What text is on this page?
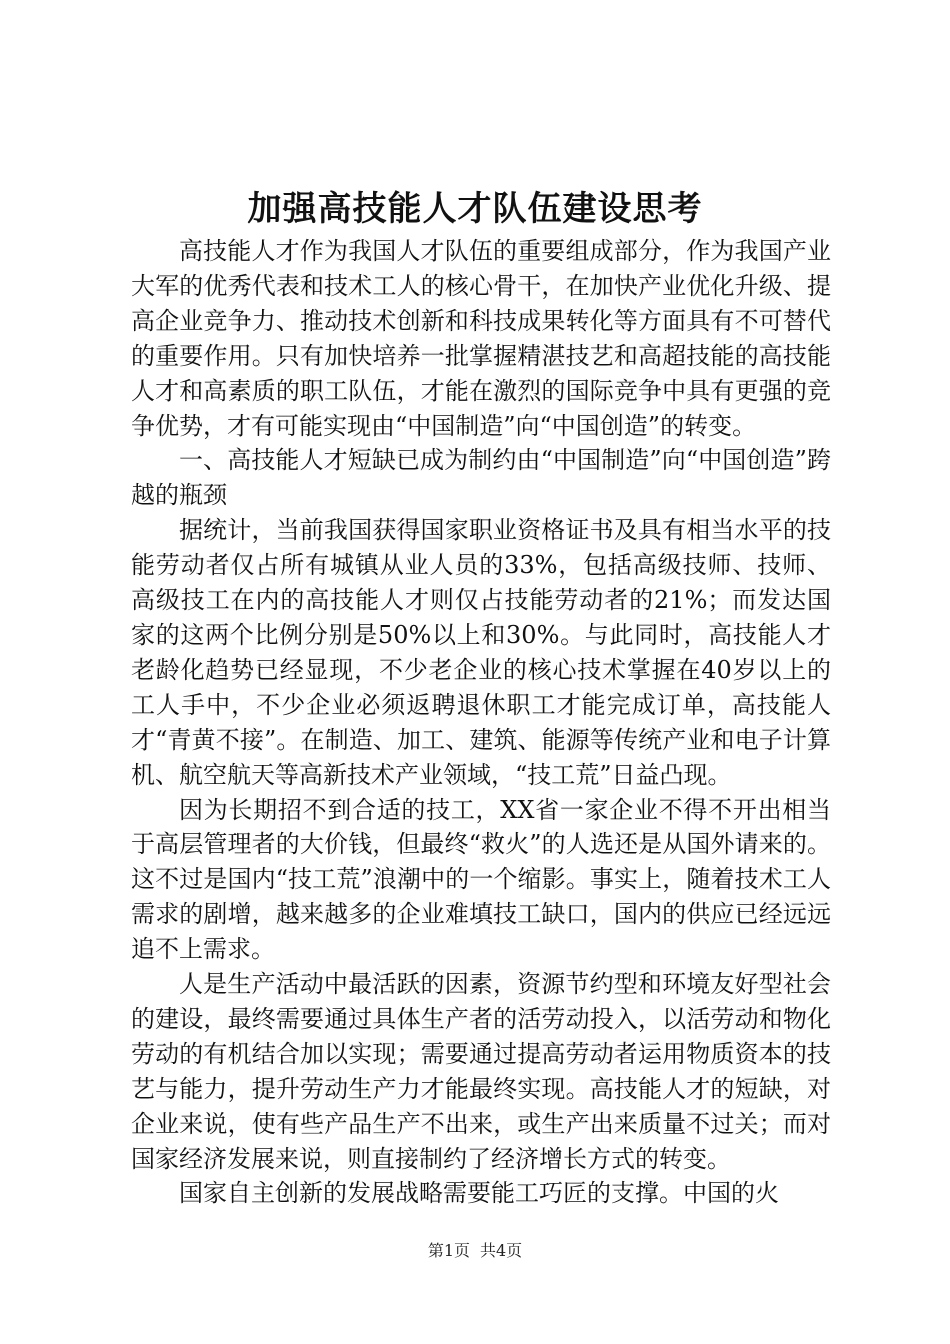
加强高技能人才队伍建设思考

高技能人才作为我国人才队伍的重要组成部分，作为我国产业大军的优秀代表和技术工人的核心骨干，在加快产业优化升级、提高企业竞争力、推动技术创新和科技成果转化等方面具有不可替代的重要作用。只有加快培养一批掌握精湛技艺和高超技能的高技能人才和高素质的职工队伍，才能在激烈的国际竞争中具有更强的竞争优势，才有可能实现由“中国制造”向“中国创造”的转变。

一、高技能人才短缺已成为制约由“中国制造”向“中国创造”跨越的瓶颈

据统计，当前我国获得国家职业资格证书及具有相当水平的技能劳动者仅占所有城镇从业人员的33%，包括高级技师、技师、高级技工在内的高技能人才则仅占技能劳动者的21%；而发达国家的这两个比例分别是50%以上和30%。与此同时，高技能人才老龄化趋势已经显现，不少老企业的核心技术掌握在40岁以上的工人手中，不少企业必须返聘退休职工才能完成订单，高技能人才“青黄不接”。在制造、加工、建筑、能源等传统产业和电子计算机、航空航天等高新技术产业领域，“技工荒”日益凸现。

因为长期招不到合适的技工，XX省一家企业不得不开出相当于高层管理者的大价钱，但最终“救火”的人选还是从国外请来的。这不过是国内“技工荒”浪潮中的一个缩影。事实上，随着技术工人需求的剧增，越来越多的企业难填技工缺口，国内的供应已经远远追不上需求。

人是生产活动中最活跃的因素，资源节约型和环境友好型社会的建设，最终需要通过具体生产者的活劳动投入，以活劳动和物化劳动的有机结合加以实现；需要通过提高劳动者运用物质资本的技艺与能力，提升劳动生产力才能最终实现。高技能人才的短缺，对企业来说，使有些产品生产不出来，或生产出来质量不过关；而对国家经济发展来说，则直接制约了经济增长方式的转变。

国家自主创新的发展战略需要能工巧匠的支撑。中国的火

第1页 共4页
